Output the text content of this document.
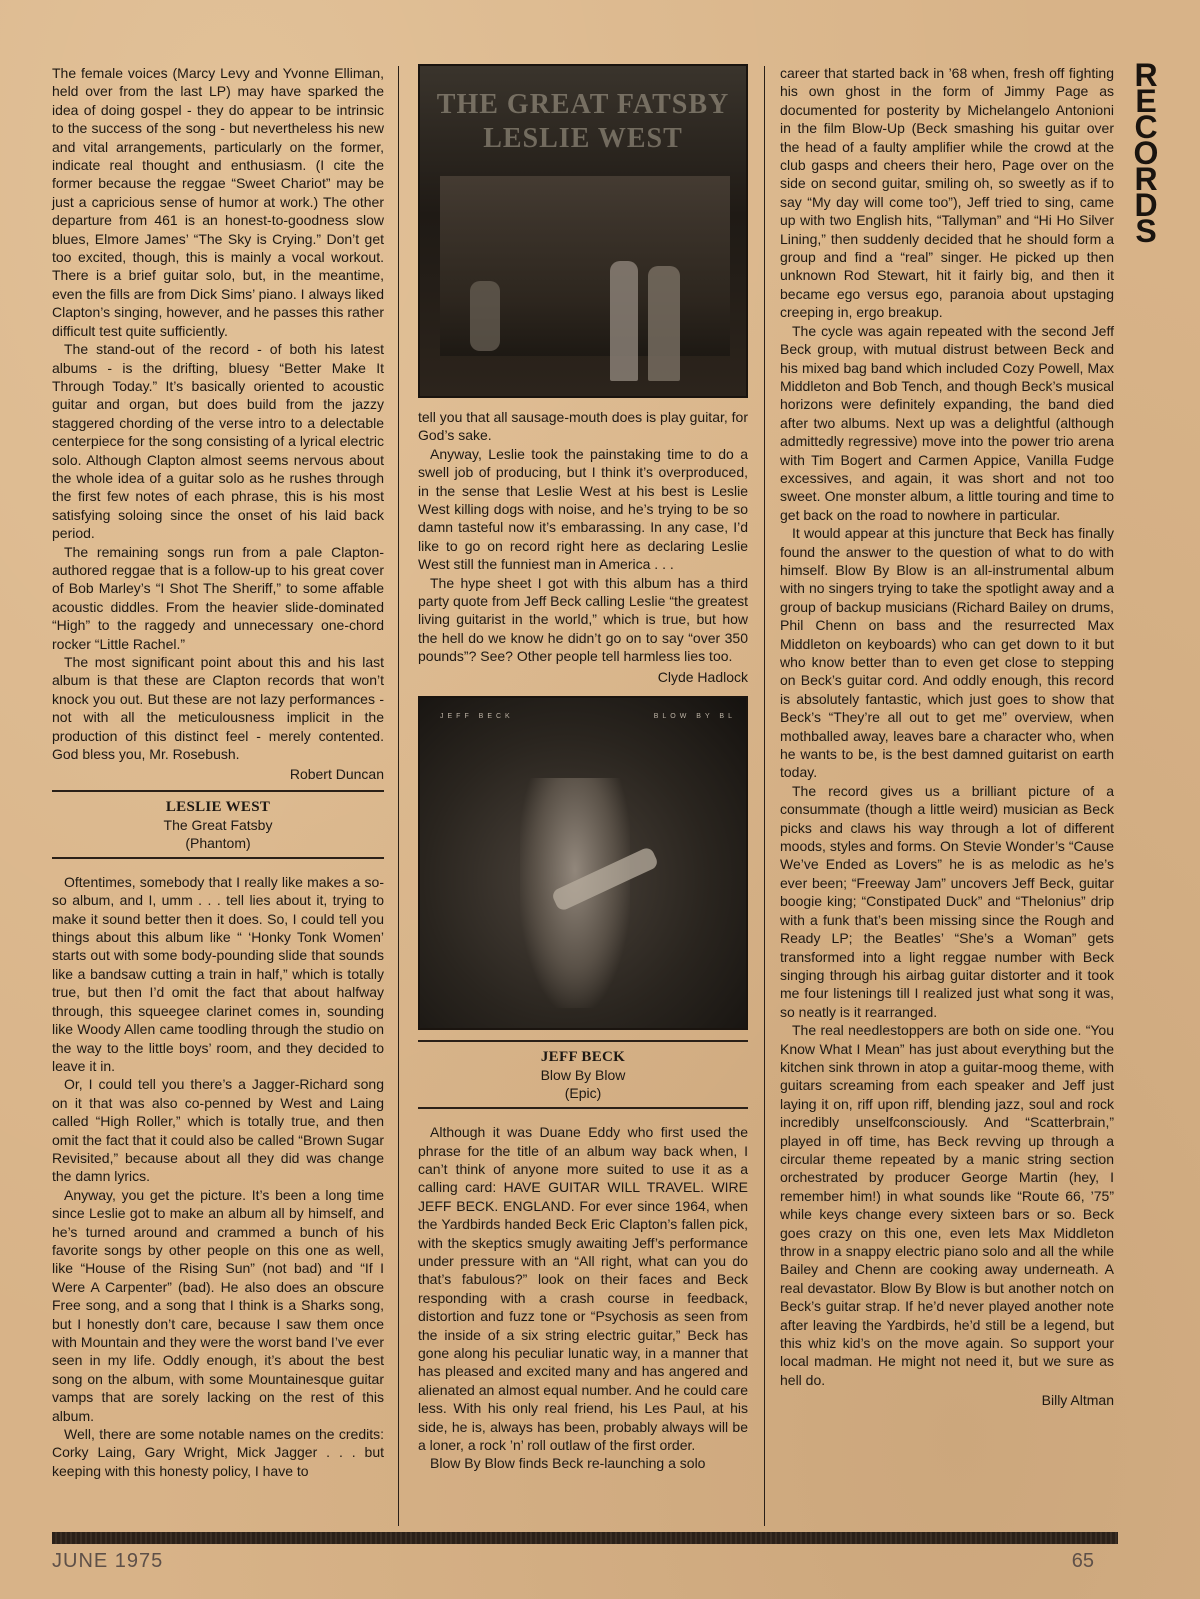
The female voices (Marcy Levy and Yvonne Elliman, held over from the last LP) may have sparked the idea of doing gospel - they do appear to be intrinsic to the success of the song - but nevertheless his new and vital arrangements, particularly on the former, indicate real thought and enthusiasm. (I cite the former because the reggae “Sweet Chariot” may be just a capricious sense of humor at work.) The other departure from 461 is an honest-to-goodness slow blues, Elmore James’ “The Sky is Crying.” Don’t get too excited, though, this is mainly a vocal workout. There is a brief guitar solo, but, in the meantime, even the fills are from Dick Sims’ piano. I always liked Clapton’s singing, however, and he passes this rather difficult test quite sufficiently.

The stand-out of the record - of both his latest albums - is the drifting, bluesy “Better Make It Through Today.” It’s basically oriented to acoustic guitar and organ, but does build from the jazzy staggered chording of the verse intro to a delectable centerpiece for the song consisting of a lyrical electric solo. Although Clapton almost seems nervous about the whole idea of a guitar solo as he rushes through the first few notes of each phrase, this is his most satisfying soloing since the onset of his laid back period.

The remaining songs run from a pale Clapton-authored reggae that is a follow-up to his great cover of Bob Marley’s “I Shot The Sheriff,” to some affable acoustic diddles. From the heavier slide-dominated “High” to the raggedy and unnecessary one-chord rocker “Little Rachel.”

The most significant point about this and his last album is that these are Clapton records that won’t knock you out. But these are not lazy performances - not with all the meticulousness implicit in the production of this distinct feel - merely contented. God bless you, Mr. Rosebush.

Robert Duncan
LESLIE WEST
The Great Fatsby
(Phantom)

Oftentimes, somebody that I really like makes a so-so album, and I, umm . . . tell lies about it, trying to make it sound better then it does. So, I could tell you things about this album like “ ‘Honky Tonk Women’ starts out with some body-pounding slide that sounds like a bandsaw cutting a train in half,” which is totally true, but then I’d omit the fact that about halfway through, this squeegee clarinet comes in, sounding like Woody Allen came toodling through the studio on the way to the little boys’ room, and they decided to leave it in.

Or, I could tell you there’s a Jagger-Richard song on it that was also co-penned by West and Laing called “High Roller,” which is totally true, and then omit the fact that it could also be called “Brown Sugar Revisited,” because about all they did was change the damn lyrics.

Anyway, you get the picture. It’s been a long time since Leslie got to make an album all by himself, and he’s turned around and crammed a bunch of his favorite songs by other people on this one as well, like “House of the Rising Sun” (not bad) and “If I Were A Carpenter” (bad). He also does an obscure Free song, and a song that I think is a Sharks song, but I honestly don’t care, because I saw them once with Mountain and they were the worst band I’ve ever seen in my life. Oddly enough, it’s about the best song on the album, with some Mountainesque guitar vamps that are sorely lacking on the rest of this album.

Well, there are some notable names on the credits: Corky Laing, Gary Wright, Mick Jagger . . . but keeping with this honesty policy, I have to

THE GREAT FATSBY
LESLIE WEST

tell you that all sausage-mouth does is play guitar, for God’s sake.

Anyway, Leslie took the painstaking time to do a swell job of producing, but I think it’s overproduced, in the sense that Leslie West at his best is Leslie West killing dogs with noise, and he’s trying to be so damn tasteful now it’s embarassing. In any case, I’d like to go on record right here as declaring Leslie West still the funniest man in America . . .

The hype sheet I got with this album has a third party quote from Jeff Beck calling Leslie “the greatest living guitarist in the world,” which is true, but how the hell do we know he didn’t go on to say “over 350 pounds”? See? Other people tell harmless lies too.

Clyde Hadlock
JEFF BECK	BLOW BY BL
JEFF BECK
Blow By Blow
(Epic)

Although it was Duane Eddy who first used the phrase for the title of an album way back when, I can’t think of anyone more suited to use it as a calling card: HAVE GUITAR WILL TRAVEL. WIRE JEFF BECK. ENGLAND. For ever since 1964, when the Yardbirds handed Beck Eric Clapton’s fallen pick, with the skeptics smugly awaiting Jeff’s performance under pressure with an “All right, what can you do that’s fabulous?” look on their faces and Beck responding with a crash course in feedback, distortion and fuzz tone or “Psychosis as seen from the inside of a six string electric guitar,” Beck has gone along his peculiar lunatic way, in a manner that has pleased and excited many and has angered and alienated an almost equal number. And he could care less. With his only real friend, his Les Paul, at his side, he is, always has been, probably always will be a loner, a rock ’n’ roll outlaw of the first order.

Blow By Blow finds Beck re-launching a solo

career that started back in ’68 when, fresh off fighting his own ghost in the form of Jimmy Page as documented for posterity by Michelangelo Antonioni in the film Blow-Up (Beck smashing his guitar over the head of a faulty amplifier while the crowd at the club gasps and cheers their hero, Page over on the side on second guitar, smiling oh, so sweetly as if to say “My day will come too”), Jeff tried to sing, came up with two English hits, “Tallyman” and “Hi Ho Silver Lining,” then suddenly decided that he should form a group and find a “real” singer. He picked up then unknown Rod Stewart, hit it fairly big, and then it became ego versus ego, paranoia about upstaging creeping in, ergo breakup.

The cycle was again repeated with the second Jeff Beck group, with mutual distrust between Beck and his mixed bag band which included Cozy Powell, Max Middleton and Bob Tench, and though Beck’s musical horizons were definitely expanding, the band died after two albums. Next up was a delightful (although admittedly regressive) move into the power trio arena with Tim Bogert and Carmen Appice, Vanilla Fudge excessives, and again, it was short and not too sweet. One monster album, a little touring and time to get back on the road to nowhere in particular.

It would appear at this juncture that Beck has finally found the answer to the question of what to do with himself. Blow By Blow is an all-instrumental album with no singers trying to take the spotlight away and a group of backup musicians (Richard Bailey on drums, Phil Chenn on bass and the resurrected Max Middleton on keyboards) who can get down to it but who know better than to even get close to stepping on Beck’s guitar cord. And oddly enough, this record is absolutely fantastic, which just goes to show that Beck’s “They’re all out to get me” overview, when mothballed away, leaves bare a character who, when he wants to be, is the best damned guitarist on earth today.

The record gives us a brilliant picture of a consummate (though a little weird) musician as Beck picks and claws his way through a lot of different moods, styles and forms. On Stevie Wonder’s “Cause We’ve Ended as Lovers” he is as melodic as he’s ever been; “Freeway Jam” uncovers Jeff Beck, guitar boogie king; “Constipated Duck” and “Thelonius” drip with a funk that’s been missing since the Rough and Ready LP; the Beatles’ “She’s a Woman” gets transformed into a light reggae number with Beck singing through his airbag guitar distorter and it took me four listenings till I realized just what song it was, so neatly is it rearranged.

The real needlestoppers are both on side one. “You Know What I Mean” has just about everything but the kitchen sink thrown in atop a guitar-moog theme, with guitars screaming from each speaker and Jeff just laying it on, riff upon riff, blending jazz, soul and rock incredibly unselfconsciously. And “Scatterbrain,” played in off time, has Beck revving up through a circular theme repeated by a manic string section orchestrated by producer George Martin (hey, I remember him!) in what sounds like “Route 66, ’75” while keys change every sixteen bars or so. Beck goes crazy on this one, even lets Max Middleton throw in a snappy electric piano solo and all the while Bailey and Chenn are cooking away underneath. A real devastator. Blow By Blow is but another notch on Beck’s guitar strap. If he’d never played another note after leaving the Yardbirds, he’d still be a legend, but this whiz kid’s on the move again. So support your local madman. He might not need it, but we sure as hell do.

Billy Altman
R
E
C
O
R
D
S
JUNE 1975	65
